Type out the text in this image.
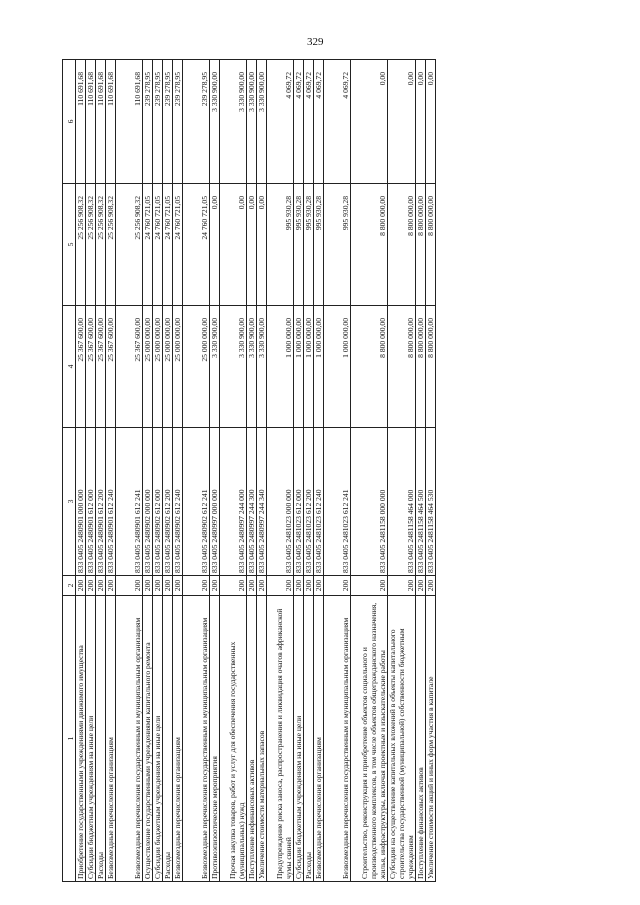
329
1	2	3	4	5	6
Приобретение государственными учреждениями движимого имущества	200	833 0405 2480901 000 000	25 367 600,00	25 256 908,32	110 691,68
Субсидии бюджетным учреждениям на иные цели	200	833 0405 2480901 612 000	25 367 600,00	25 256 908,32	110 691,68
Расходы	200	833 0405 2480901 612 200	25 367 600,00	25 256 908,32	110 691,68
Безвозмездные перечисления организациям	200	833 0405 2480901 612 240	25 367 600,00	25 256 908,32	110 691,68
Безвозмездные перечисления государственным и муниципальным организациям	200	833 0405 2480901 612 241	25 367 600,00	25 256 908,32	110 691,68
Осуществление государственными учреждениями капитального ремонта	200	833 0405 2480902 000 000	25 000 000,00	24 760 721,05	239 278,95
Субсидии бюджетным учреждениям на иные цели	200	833 0405 2480902 612 000	25 000 000,00	24 760 721,05	239 278,95
Расходы	200	833 0405 2480902 612 200	25 000 000,00	24 760 721,05	239 278,95
Безвозмездные перечисления организациям	200	833 0405 2480902 612 240	25 000 000,00	24 760 721,05	239 278,95
Безвозмездные перечисления государственным и муниципальным организациям	200	833 0405 2480902 612 241	25 000 000,00	24 760 721,05	239 278,95
Противоэпизоотические мероприятия	200	833 0405 2480997 000 000	3 330 900,00	0,00	3 330 900,00
Прочая закупка товаров, работ и услуг для обеспечения государственных (муниципальных) нужд	200	833 0405 2480997 244 000	3 330 900,00	0,00	3 330 900,00
Поступление нефинансовых активов	200	833 0405 2480997 244 300	3 330 900,00	0,00	3 330 900,00
Увеличение стоимости материальных запасов	200	833 0405 2480997 244 340	3 330 900,00	0,00	3 330 900,00
Предупреждение риска заноса, распространения и ликвидация очагов африканской чумы свиней	200	833 0405 2481023 000 000	1 000 000,00	995 930,28	4 069,72
Субсидии бюджетным учреждениям на иные цели	200	833 0405 2481023 612 000	1 000 000,00	995 930,28	4 069,72
Расходы	200	833 0405 2481023 612 200	1 000 000,00	995 930,28	4 069,72
Безвозмездные перечисления организациям	200	833 0405 2481023 612 240	1 000 000,00	995 930,28	4 069,72
Безвозмездные перечисления государственным и муниципальным организациям	200	833 0405 2481023 612 241	1 000 000,00	995 930,28	4 069,72
Строительство, реконструкция и приобретение объектов социального и производственного комплексов, в том числе объектов общегражданского назначения, жилья, инфраструктуры, включая проектные и изыскательские работы	200	833 0405 2481158 000 000	8 800 000,00	8 800 000,00	0,00
Субсидии на осуществление капитальных вложений в объекты капитального строительства государственной (муниципальной) собственности бюджетным учреждениям	200	833 0405 2481158 464 000	8 800 000,00	8 800 000,00	0,00
Поступление финансовых активов	200	833 0405 2481158 464 500	8 800 000,00	8 800 000,00	0,00
Увеличение стоимости акций и иных форм участия в капитале	200	833 0405 2481158 464 530	8 800 000,00	8 800 000,00	0,00
